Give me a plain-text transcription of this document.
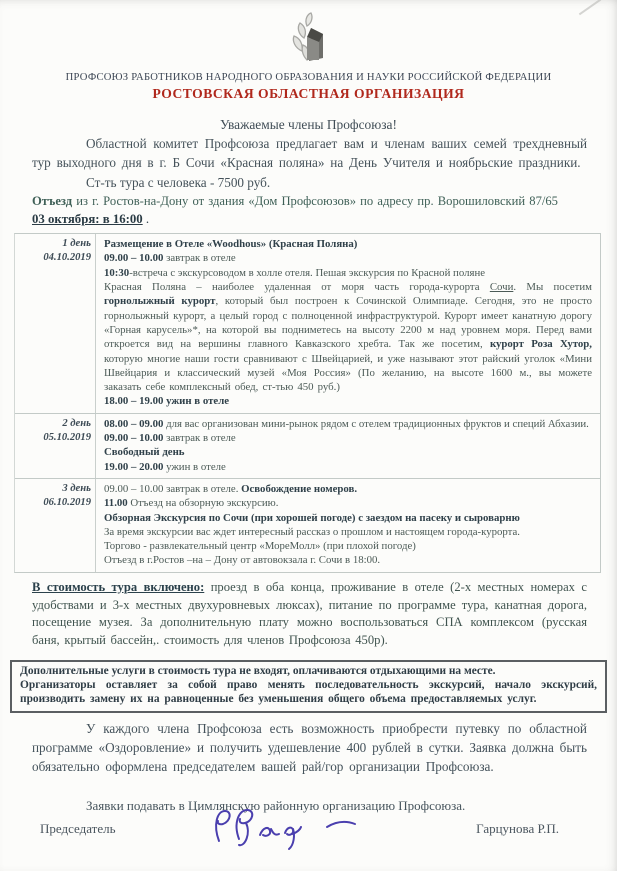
ПРОФСОЮЗ РАБОТНИКОВ НАРОДНОГО ОБРАЗОВАНИЯ И НАУКИ РОССИЙСКОЙ ФЕДЕРАЦИИ
РОСТОВСКАЯ ОБЛАСТНАЯ ОРГАНИЗАЦИЯ
Уважаемые члены Профсоюза!
Областной комитет Профсоюза предлагает вам и членам ваших семей трехдневный тур выходного дня в г. Б Сочи «Красная поляна» на День Учителя и ноябрьские праздники.
Ст-ть тура с человека - 7500 руб.
Отъезд из г. Ростов-на-Дону от здания «Дом Профсоюзов» по адресу пр. Ворошиловский 87/65
03 октября: в 16:00 .
1 день
04.10.2019
Размещение в Отеле «Woodhous» (Красная Поляна)
09.00 – 10.00 завтрак в отеле
10:30-встреча с экскурсоводом в холле отеля. Пешая экскурсия по Красной поляне
Красная Поляна – наиболее удаленная от моря часть города-курорта Сочи. Мы посетим горнолыжный курорт, который был построен к Сочинской Олимпиаде. Сегодня, это не просто горнолыжный курорт, а целый город с полноценной инфраструктурой. Курорт имеет канатную дорогу «Горная карусель»*, на которой вы подниметесь на высоту 2200 м над уровнем моря. Перед вами откроется вид на вершины главного Кавказского хребта. Так же посетим, курорт Роза Хутор, которую многие наши гости сравнивают с Швейцарией, и уже называют этот райский уголок «Мини Швейцария и классический музей «Моя Россия» (По желанию, на высоте 1600 м., вы можете заказать себе комплексный обед, ст-тью 450 руб.)
18.00 – 19.00 ужин в отеле
2 день
05.10.2019
08.00 – 09.00 для вас организован мини-рынок рядом с отелем традиционных фруктов и специй Абхазии.
09.00 – 10.00 завтрак в отеле
Свободный день
19.00 – 20.00 ужин в отеле
3 день
06.10.2019
09.00 – 10.00 завтрак в отеле. Освобождение номеров.
11.00 Отъезд на обзорную экскурсию.
Обзорная Экскурсия по Сочи (при хорошей погоде) с заездом на пасеку и сыроварню
За время экскурсии вас ждет интересный рассказ о прошлом и настоящем города-курорта.
Торгово - развлекательный центр «МореМолл» (при плохой погоде)
Отъезд в г.Ростов –на – Дону от автовокзала г. Сочи в 18:00.
В стоимость тура включено: проезд в оба конца, проживание в отеле (2-х местных номерах с удобствами и 3-х местных двухуровневых люксах), питание по программе тура, канатная дорога, посещение музея. За дополнительную плату можно воспользоваться СПА комплексом (русская баня, крытый бассейн,. стоимость для членов Профсоюза 450р).
Дополнительные услуги в стоимость тура не входят, оплачиваются отдыхающими на месте.
Организаторы оставляет за собой право менять последовательность экскурсий, начало экскурсий, производить замену их на равноценные без уменьшения общего объема предоставляемых услуг.
У каждого члена Профсоюза есть возможность приобрести путевку по областной программе «Оздоровление» и получить удешевление 400 рублей в сутки. Заявка должна быть обязательно оформлена председателем вашей рай/гор организации Профсоюза.
Заявки подавать в Цимлянскую районную организацию Профсоюза.
Председатель	Гарцунова Р.П.
